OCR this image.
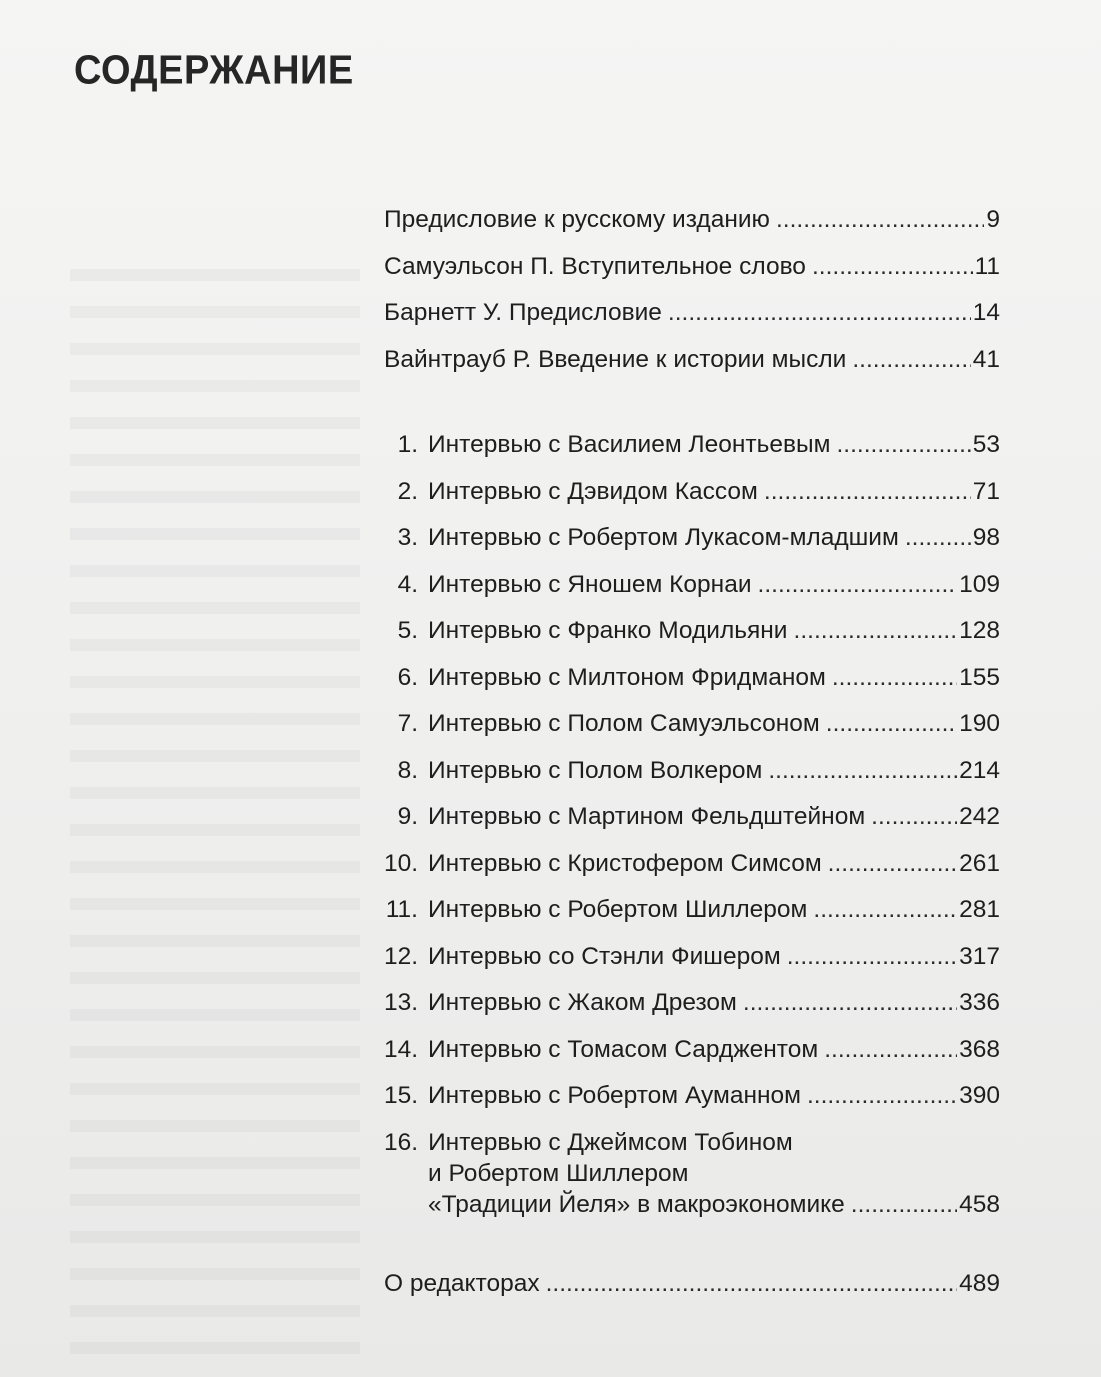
СОДЕРЖАНИЕ
Предисловие к русскому изданию . . .	9
Самуэльсон П. Вступительное слово . . .	11
Барнетт У. Предисловие . . .	14
Вайнтрауб Р. Введение к истории мысли . . .	41
1. Интервью с Василием Леонтьевым . . .	53
2. Интервью с Дэвидом Кассом . . .	71
3. Интервью с Робертом Лукасом-младшим . . .	98
4. Интервью с Яношем Корнаи . . .	109
5. Интервью с Франко Модильяни . . .	128
6. Интервью с Милтоном Фридманом . . .	155
7. Интервью с Полом Самуэльсоном . . .	190
8. Интервью с Полом Волкером . . .	214
9. Интервью с Мартином Фельдштейном . . .	242
10. Интервью с Кристофером Симсом . . .	261
11. Интервью с Робертом Шиллером . . .	281
12. Интервью со Стэнли Фишером . . .	317
13. Интервью с Жаком Дрезом . . .	336
14. Интервью с Томасом Сарджентом . . .	368
15. Интервью с Робертом Ауманном . . .	390
16. Интервью с Джеймсом Тобином
и Робертом Шиллером
«Традиции Йеля» в макроэкономике . . .	458
О редакторах . . .	489
